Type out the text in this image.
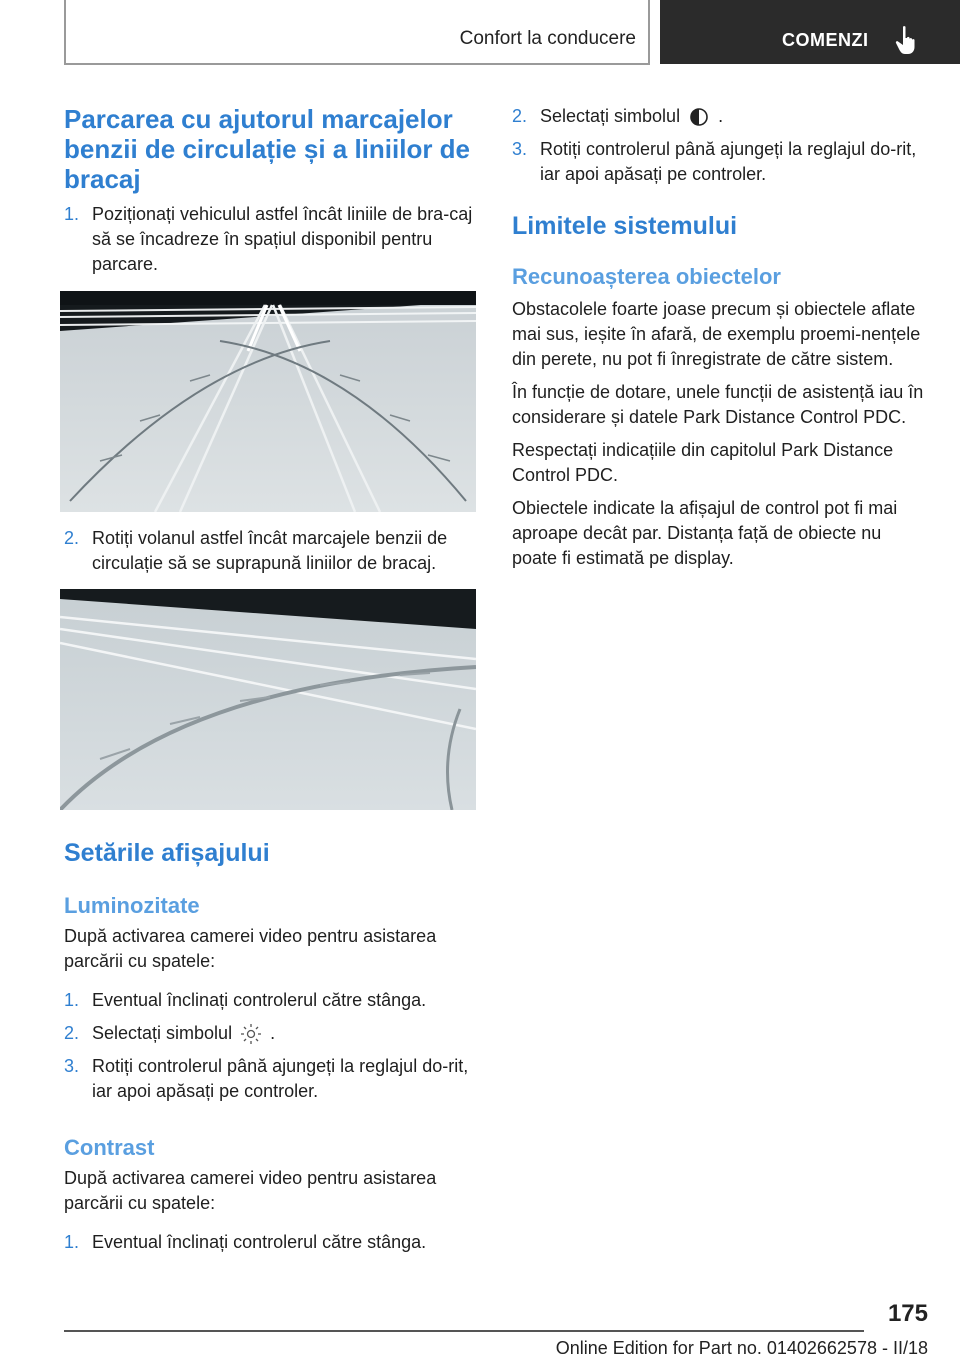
Confort la conducere	COMENZI
Parcarea cu ajutorul marcajelor benzii de circulație și a liniilor de bracaj
1. Poziționați vehiculul astfel încât liniile de bra-caj să se încadreze în spațiul disponibil pentru parcare.
2. Rotiți volanul astfel încât marcajele benzii de circulație să se suprapună liniilor de bracaj.
Setările afișajului
Luminozitate

După activarea camerei video pentru asistarea parcării cu spatele:

1. Eventual înclinați controlerul către stânga.
2. Selectați simbolul .
3. Rotiți controlerul până ajungeți la reglajul do-rit, iar apoi apăsați pe controler.
Contrast

După activarea camerei video pentru asistarea parcării cu spatele:

1. Eventual înclinați controlerul către stânga.
2. Selectați simbolul .
3. Rotiți controlerul până ajungeți la reglajul do-rit, iar apoi apăsați pe controler.
Limitele sistemului
Recunoașterea obiectelor

Obstacolele foarte joase precum și obiectele aflate mai sus, ieșite în afară, de exemplu proemi-nențele din perete, nu pot fi înregistrate de către sistem.

În funcție de dotare, unele funcții de asistență iau în considerare și datele Park Distance Control PDC.

Respectați indicațiile din capitolul Park Distance Control PDC.

Obiectele indicate la afișajul de control pot fi mai aproape decât par. Distanța față de obiecte nu poate fi estimată pe display.

175
Online Edition for Part no. 01402662578 - II/18
